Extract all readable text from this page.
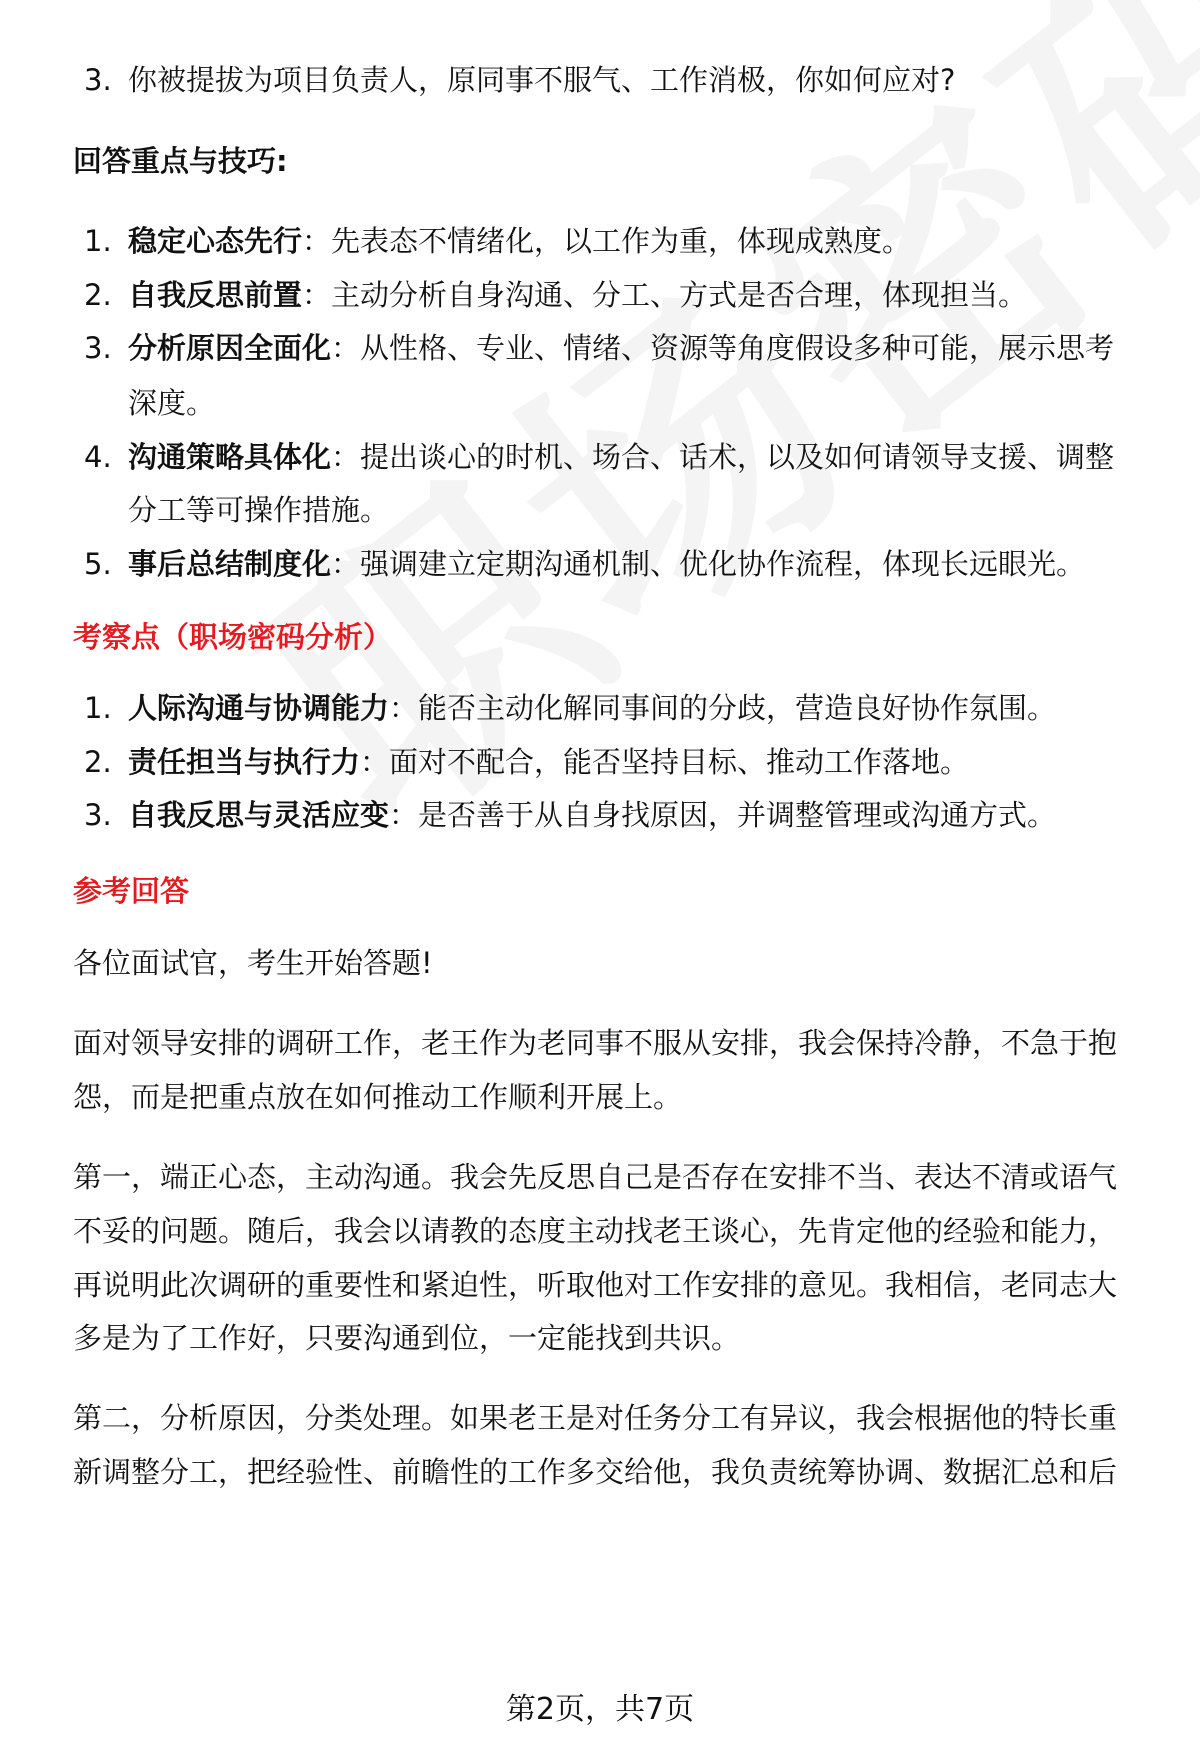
3. 你被提拔为项目负责人，原同事不服气、工作消极，你如何应对?
回答重点与技巧:
1. 稳定心态先行：先表态不情绪化，以工作为重，体现成熟度。
2. 自我反思前置：主动分析自身沟通、分工、方式是否合理，体现担当。
3. 分析原因全面化：从性格、专业、情绪、资源等角度假设多种可能，展示思考
深度。
4. 沟通策略具体化：提出谈心的时机、场合、话术，以及如何请领导支援、调整
分工等可操作措施。
5. 事后总结制度化：强调建立定期沟通机制、优化协作流程，体现长远眼光。
考察点（职场密码分析）
1. 人际沟通与协调能力：能否主动化解同事间的分歧，营造良好协作氛围。
2. 责任担当与执行力：面对不配合，能否坚持目标、推动工作落地。
3. 自我反思与灵活应变：是否善于从自身找原因，并调整管理或沟通方式。
参考回答
各位面试官，考生开始答题!
面对领导安排的调研工作，老王作为老同事不服从安排，我会保持冷静，不急于抱
怨，而是把重点放在如何推动工作顺利开展上。
第一，端正心态，主动沟通。我会先反思自己是否存在安排不当、表达不清或语气
不妥的问题。随后，我会以请教的态度主动找老王谈心，先肯定他的经验和能力，
再说明此次调研的重要性和紧迫性，听取他对工作安排的意见。我相信，老同志大
多是为了工作好，只要沟通到位，一定能找到共识。
第二，分析原因，分类处理。如果老王是对任务分工有异议，我会根据他的特长重
新调整分工，把经验性、前瞻性的工作多交给他，我负责统筹协调、数据汇总和后
第2页，共7页
